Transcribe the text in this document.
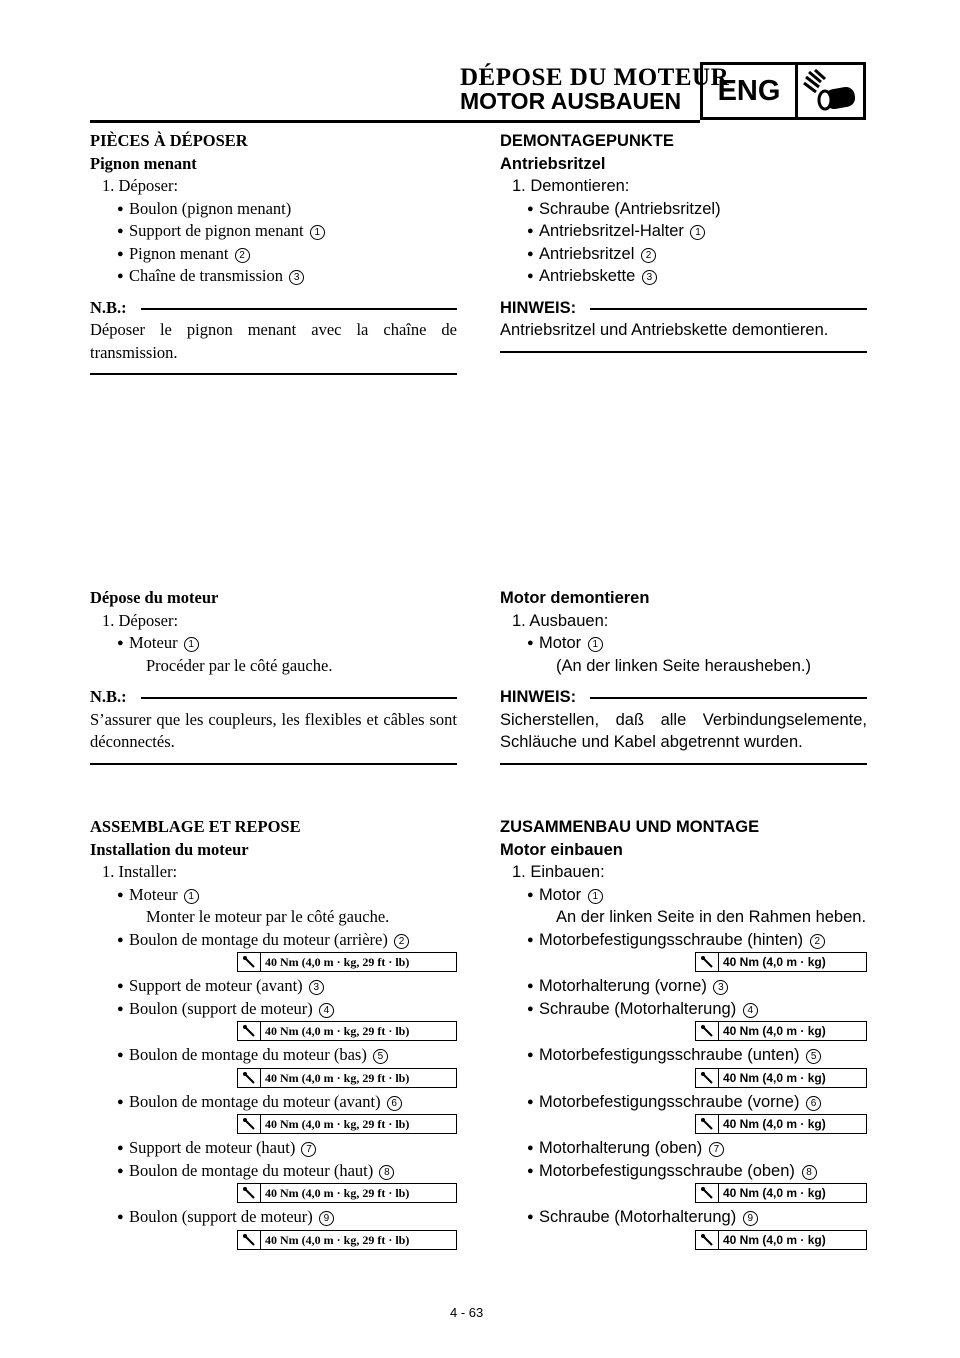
DÉPOSE DU MOTEUR
MOTOR AUSBAUEN	ENG
PIÈCES À DÉPOSER
Pignon menant
1. Déposer:
● Boulon (pignon menant)
● Support de pignon menant 1
● Pignon menant 2
● Chaîne de transmission 3
N.B.:
Déposer le pignon menant avec la chaîne de transmission.
DEMONTAGEPUNKTE
Antriebsritzel
1. Demontieren:
● Schraube (Antriebsritzel)
● Antriebsritzel-Halter 1
● Antriebsritzel 2
● Antriebskette 3
HINWEIS:
Antriebsritzel und Antriebskette demontieren.
Dépose du moteur
1. Déposer:
● Moteur 1
Procéder par le côté gauche.
N.B.:
S’assurer que les coupleurs, les flexibles et câbles sont déconnectés.
Motor demontieren
1. Ausbauen:
● Motor 1
(An der linken Seite herausheben.)
HINWEIS:
Sicherstellen, daß alle Verbindungselemente, Schläuche und Kabel abgetrennt wurden.
ASSEMBLAGE ET REPOSE
Installation du moteur
1. Installer:
● Moteur 1
Monter le moteur par le côté gauche.
● Boulon de montage du moteur (arrière) 2
40 Nm (4,0 m · kg, 29 ft · lb)
● Support de moteur (avant) 3
● Boulon (support de moteur) 4
40 Nm (4,0 m · kg, 29 ft · lb)
● Boulon de montage du moteur (bas) 5
40 Nm (4,0 m · kg, 29 ft · lb)
● Boulon de montage du moteur (avant) 6
40 Nm (4,0 m · kg, 29 ft · lb)
● Support de moteur (haut) 7
● Boulon de montage du moteur (haut) 8
40 Nm (4,0 m · kg, 29 ft · lb)
● Boulon (support de moteur) 9
40 Nm (4,0 m · kg, 29 ft · lb)
ZUSAMMENBAU UND MONTAGE
Motor einbauen
1. Einbauen:
● Motor 1
An der linken Seite in den Rahmen heben.
● Motorbefestigungsschraube (hinten) 2
40 Nm (4,0 m · kg)
● Motorhalterung (vorne) 3
● Schraube (Motorhalterung) 4
40 Nm (4,0 m · kg)
● Motorbefestigungsschraube (unten) 5
40 Nm (4,0 m · kg)
● Motorbefestigungsschraube (vorne) 6
40 Nm (4,0 m · kg)
● Motorhalterung (oben) 7
● Motorbefestigungsschraube (oben) 8
40 Nm (4,0 m · kg)
● Schraube (Motorhalterung) 9
40 Nm (4,0 m · kg)
4 - 63
